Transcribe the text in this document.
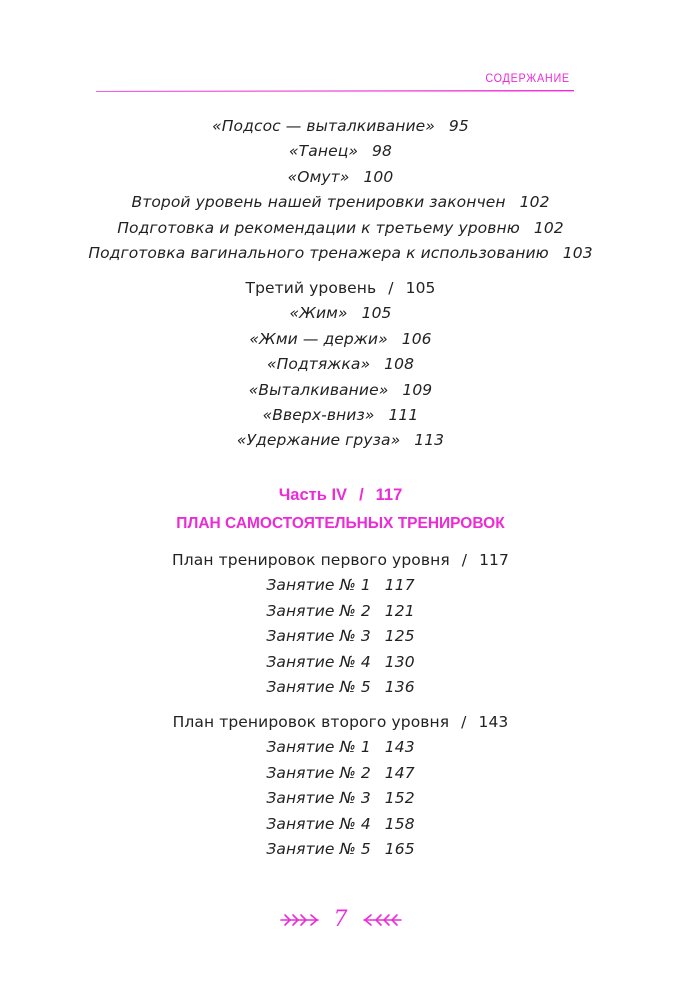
СОДЕРЖАНИЕ
«Подсос — выталкивание» 95
«Танец» 98
«Омут» 100
Второй уровень нашей тренировки закончен 102
Подготовка и рекомендации к третьему уровню 102
Подготовка вагинального тренажера к использованию 103
Третий уровень / 105
«Жим» 105
«Жми — держи» 106
«Подтяжка» 108
«Выталкивание» 109
«Вверх-вниз» 111
«Удержание груза» 113
Часть IV / 117
ПЛАН САМОСТОЯТЕЛЬНЫХ ТРЕНИРОВОК
План тренировок первого уровня / 117
Занятие № 1 117
Занятие № 2 121
Занятие № 3 125
Занятие № 4 130
Занятие № 5 136
План тренировок второго уровня / 143
Занятие № 1 143
Занятие № 2 147
Занятие № 3 152
Занятие № 4 158
Занятие № 5 165
7
